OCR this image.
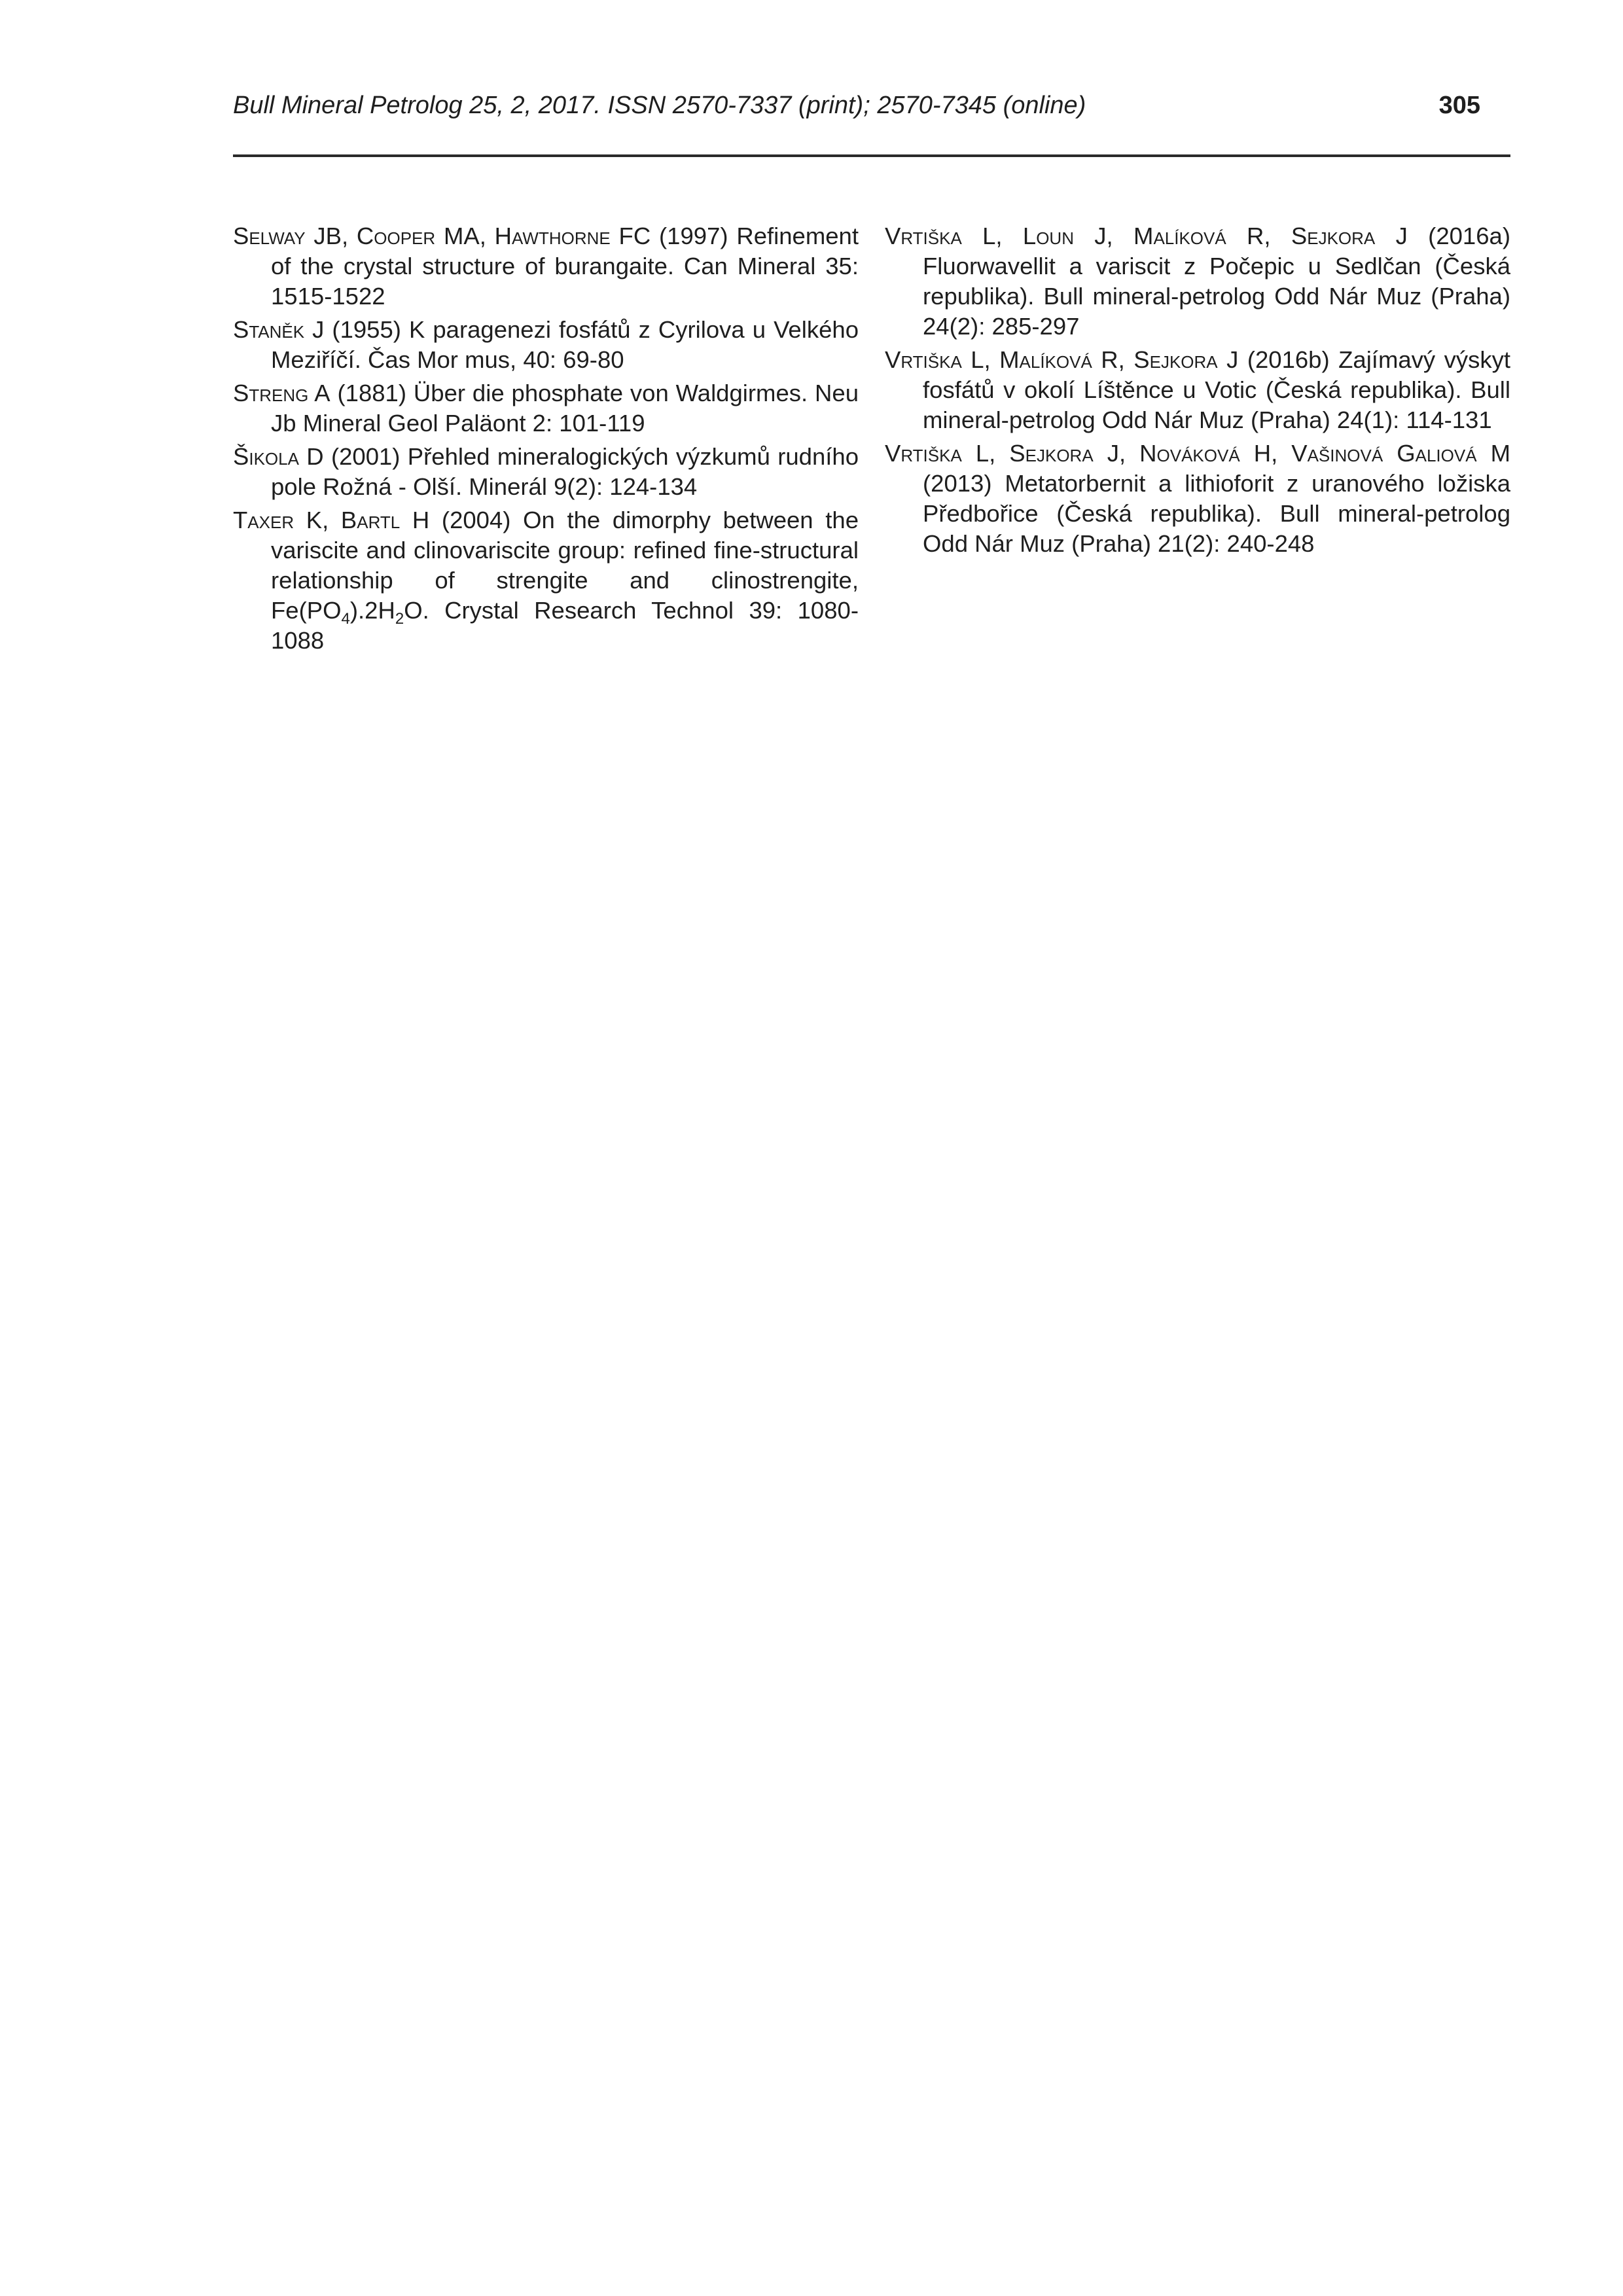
Bull Mineral Petrolog 25, 2, 2017. ISSN 2570-7337 (print); 2570-7345 (online)	305

Selway JB, Cooper MA, Hawthorne FC (1997) Refinement of the crystal structure of burangaite. Can Mineral 35: 1515-1522

Staněk J (1955) K paragenezi fosfátů z Cyrilova u Velkého Meziříčí. Čas Mor mus, 40: 69-80

Streng A (1881) Über die phosphate von Waldgirmes. Neu Jb Mineral Geol Paläont 2: 101-119

Šikola D (2001) Přehled mineralogických výzkumů rudního pole Rožná - Olší. Minerál 9(2): 124-134

Taxer K, Bartl H (2004) On the dimorphy between the variscite and clinovariscite group: refined fine-structural relationship of strengite and clinostrengite, $Fe(PO_4).2H_2O$. Crystal Research Technol 39: 1080-1088

Vrtiška L, Loun J, Malíková R, Sejkora J (2016a) Fluorwavellit a variscit z Počepic u Sedlčan (Česká republika). Bull mineral-petrolog Odd Nár Muz (Praha) 24(2): 285-297

Vrtiška L, Malíková R, Sejkora J (2016b) Zajímavý výskyt fosfátů v okolí Líštěnce u Votic (Česká republika). Bull mineral-petrolog Odd Nár Muz (Praha) 24(1): 114-131

Vrtiška L, Sejkora J, Nováková H, Vašinová Galiová M (2013) Metatorbernit a lithioforit z uranového ložiska Předbořice (Česká republika). Bull mineral-petrolog Odd Nár Muz (Praha) 21(2): 240-248
